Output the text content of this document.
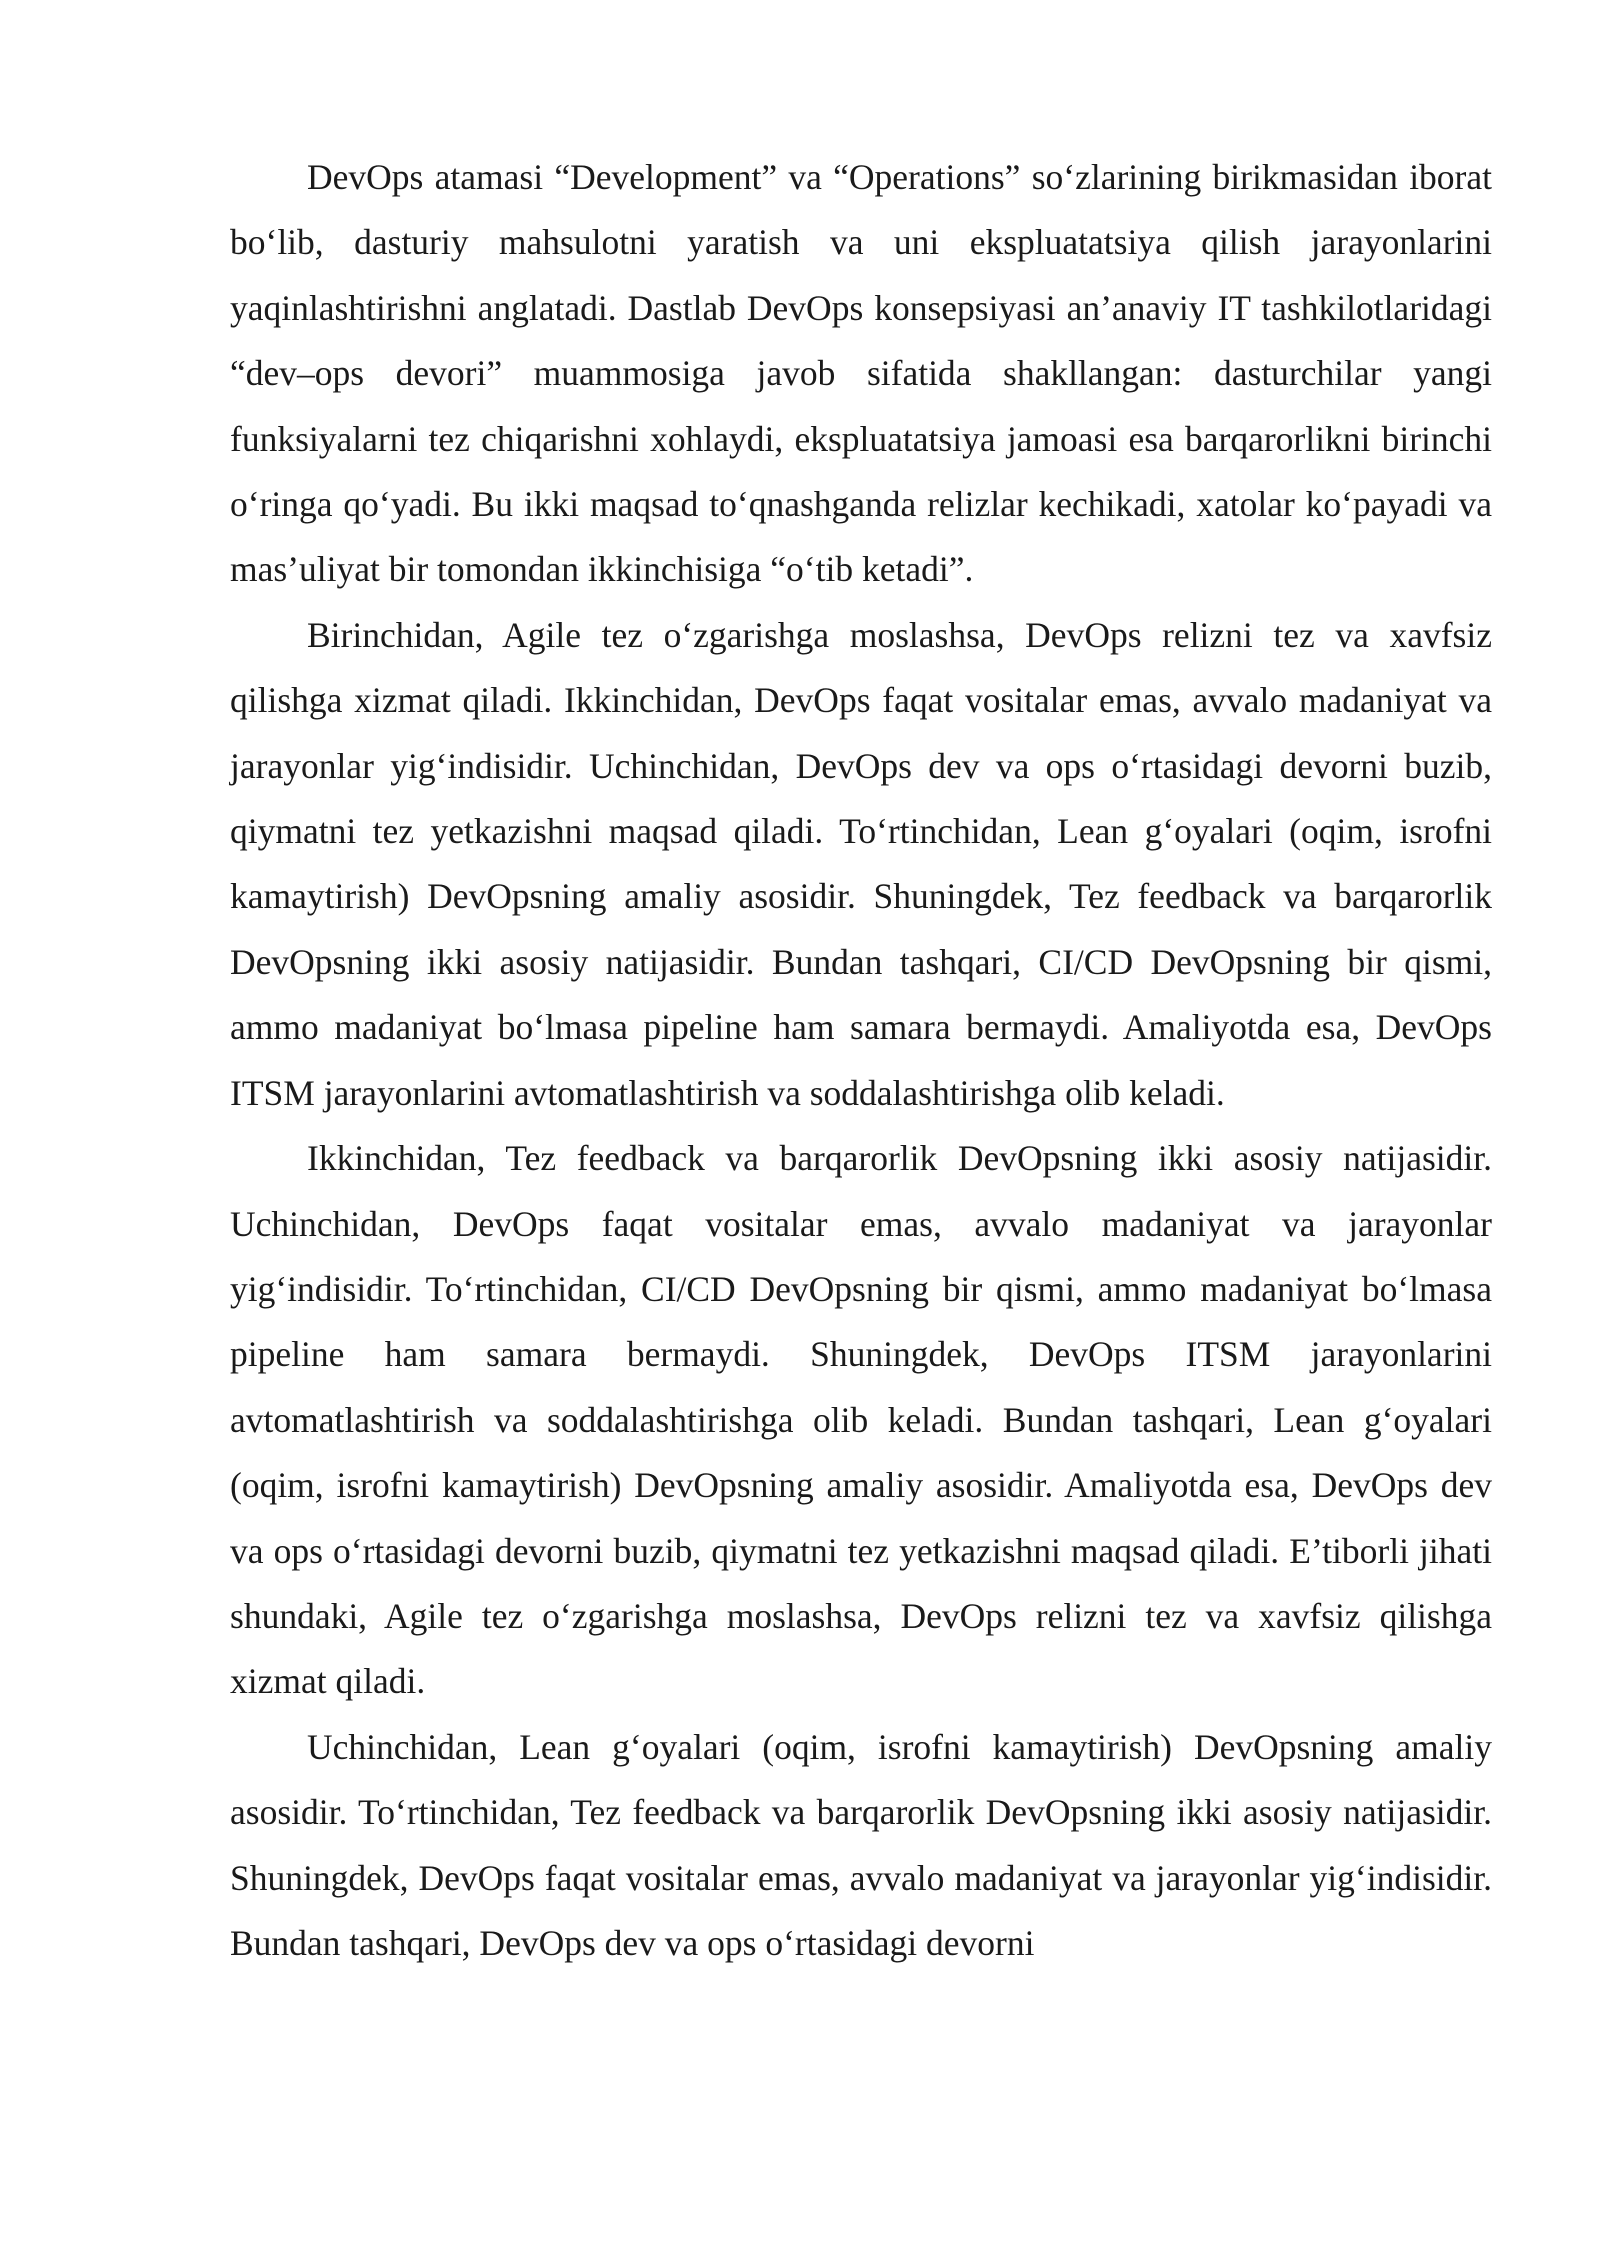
DevOps atamasi “Development” va “Operations” so‘zlarining birikmasidan iborat bo‘lib, dasturiy mahsulotni yaratish va uni ekspluatatsiya qilish jarayonlarini yaqinlashtirishni anglatadi. Dastlab DevOps konsepsiyasi an’anaviy IT tashkilotlaridagi “dev–ops devori” muammosiga javob sifatida shakllangan: dasturchilar yangi funksiyalarni tez chiqarishni xohlaydi, ekspluatatsiya jamoasi esa barqarorlikni birinchi o‘ringa qo‘yadi. Bu ikki maqsad to‘qnashganda relizlar kechikadi, xatolar ko‘payadi va mas’uliyat bir tomondan ikkinchisiga “o‘tib ketadi”.

Birinchidan, Agile tez o‘zgarishga moslashsa, DevOps relizni tez va xavfsiz qilishga xizmat qiladi. Ikkinchidan, DevOps faqat vositalar emas, avvalo madaniyat va jarayonlar yig‘indisidir. Uchinchidan, DevOps dev va ops o‘rtasidagi devorni buzib, qiymatni tez yetkazishni maqsad qiladi. To‘rtinchidan, Lean g‘oyalari (oqim, isrofni kamaytirish) DevOpsning amaliy asosidir. Shuningdek, Tez feedback va barqarorlik DevOpsning ikki asosiy natijasidir. Bundan tashqari, CI/CD DevOpsning bir qismi, ammo madaniyat bo‘lmasa pipeline ham samara bermaydi. Amaliyotda esa, DevOps ITSM jarayonlarini avtomatlashtirish va soddalashtirishga olib keladi.

Ikkinchidan, Tez feedback va barqarorlik DevOpsning ikki asosiy natijasidir. Uchinchidan, DevOps faqat vositalar emas, avvalo madaniyat va jarayonlar yig‘indisidir. To‘rtinchidan, CI/CD DevOpsning bir qismi, ammo madaniyat bo‘lmasa pipeline ham samara bermaydi. Shuningdek, DevOps ITSM jarayonlarini avtomatlashtirish va soddalashtirishga olib keladi. Bundan tashqari, Lean g‘oyalari (oqim, isrofni kamaytirish) DevOpsning amaliy asosidir. Amaliyotda esa, DevOps dev va ops o‘rtasidagi devorni buzib, qiymatni tez yetkazishni maqsad qiladi. E’tiborli jihati shundaki, Agile tez o‘zgarishga moslashsa, DevOps relizni tez va xavfsiz qilishga xizmat qiladi.

Uchinchidan, Lean g‘oyalari (oqim, isrofni kamaytirish) DevOpsning amaliy asosidir. To‘rtinchidan, Tez feedback va barqarorlik DevOpsning ikki asosiy natijasidir. Shuningdek, DevOps faqat vositalar emas, avvalo madaniyat va jarayonlar yig‘indisidir. Bundan tashqari, DevOps dev va ops o‘rtasidagi devorni
